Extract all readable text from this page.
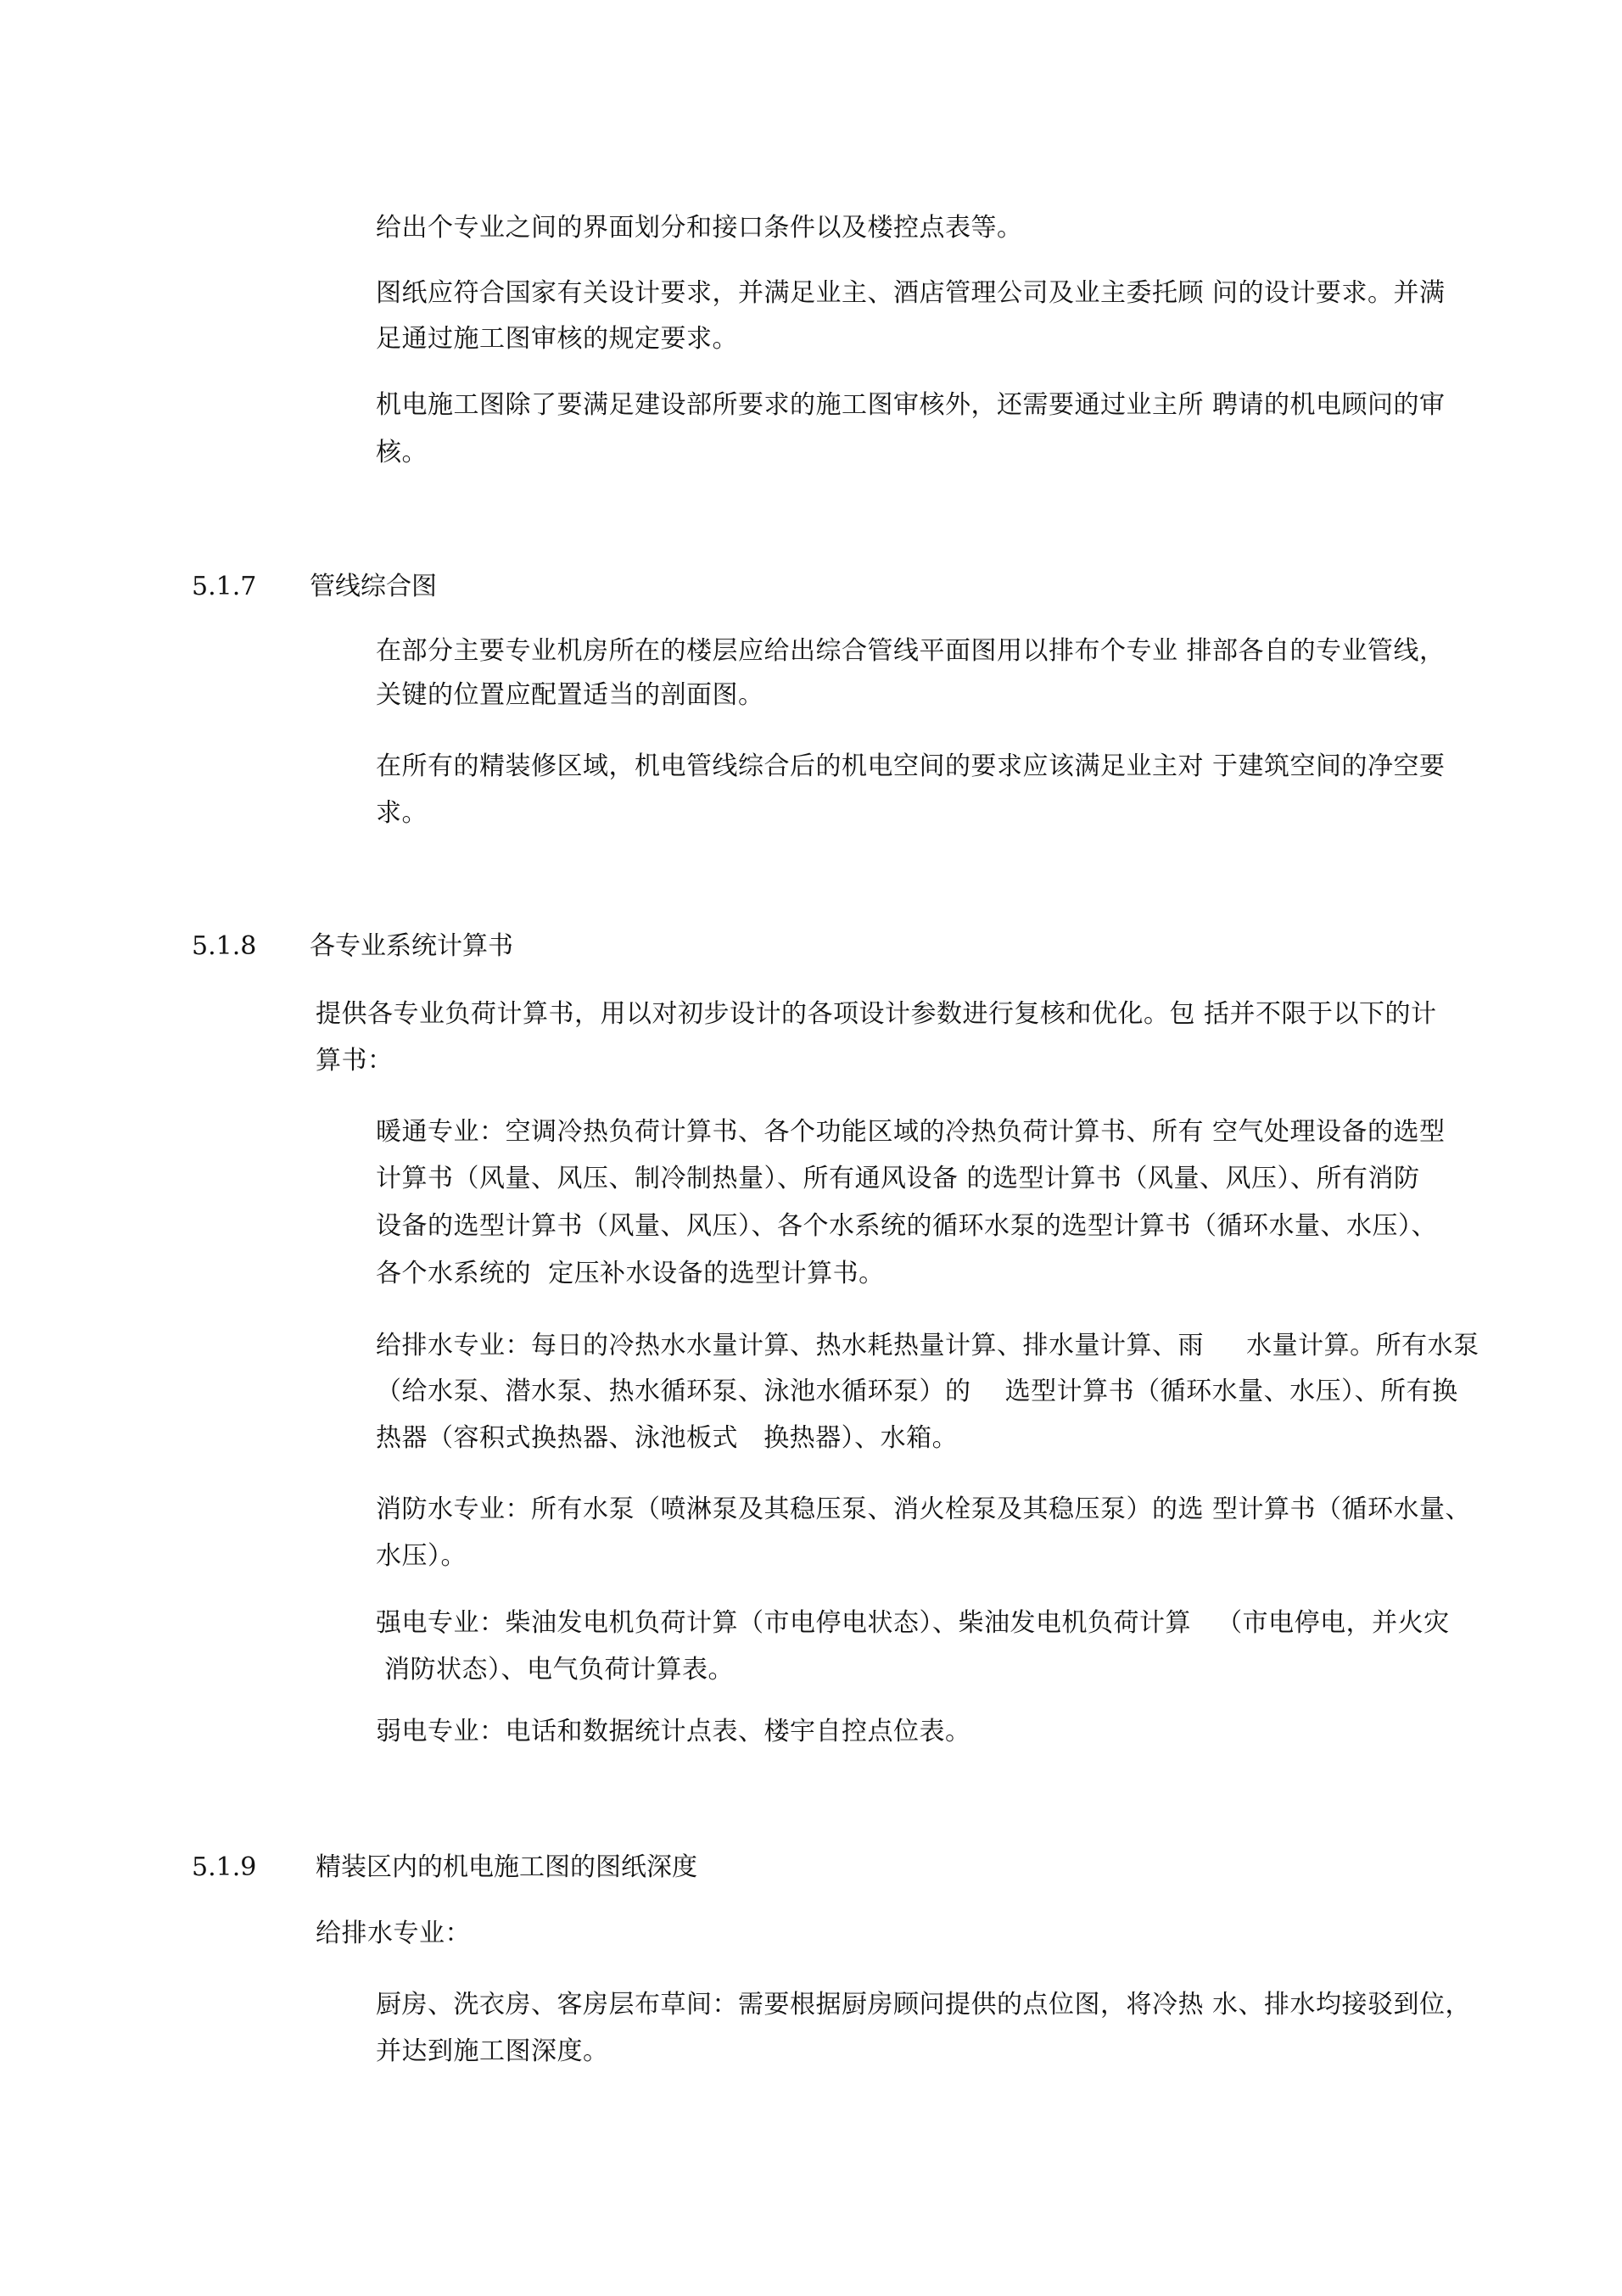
给出个专业之间的界面划分和接口条件以及楼控点表等。
图纸应符合国家有关设计要求，并满足业主、酒店管理公司及业主委托顾 问的设计要求。并满
足通过施工图审核的规定要求。
机电施工图除了要满足建设部所要求的施工图审核外，还需要通过业主所 聘请的机电顾问的审
核。
5.1.7 管线综合图
在部分主要专业机房所在的楼层应给出综合管线平面图用以排布个专业 排部各自的专业管线，
关键的位置应配置适当的剖面图。
在所有的精装修区域，机电管线综合后的机电空间的要求应该满足业主对 于建筑空间的净空要
求。
5.1.8 各专业系统计算书
提供各专业负荷计算书，用以对初步设计的各项设计参数进行复核和优化。包 括并不限于以下的计
算书：
暖通专业：空调冷热负荷计算书、各个功能区域的冷热负荷计算书、所有 空气处理设备的选型
计算书（风量、风压、制冷制热量）、所有通风设备 的选型计算书（风量、风压）、所有消防
设备的选型计算书（风量、风压）、各个水系统的循环水泵的选型计算书（循环水量、水压）、
各个水系统的  定压补水设备的选型计算书。
给排水专业：每日的冷热水水量计算、热水耗热量计算、排水量计算、雨     水量计算。所有水泵
（给水泵、潜水泵、热水循环泵、泳池水循环泵）的    选型计算书（循环水量、水压）、所有换
热器（容积式换热器、泳池板式   换热器）、水箱。
消防水专业：所有水泵（喷淋泵及其稳压泵、消火栓泵及其稳压泵）的选 型计算书（循环水量、
水压）。
强电专业：柴油发电机负荷计算（市电停电状态）、柴油发电机负荷计算   （市电停电，并火灾
消防状态）、电气负荷计算表。
弱电专业：电话和数据统计点表、楼宇自控点位表。
5.1.9 精装区内的机电施工图的图纸深度
给排水专业：
厨房、洗衣房、客房层布草间：需要根据厨房顾问提供的点位图，将冷热 水、排水均接驳到位，
并达到施工图深度。
